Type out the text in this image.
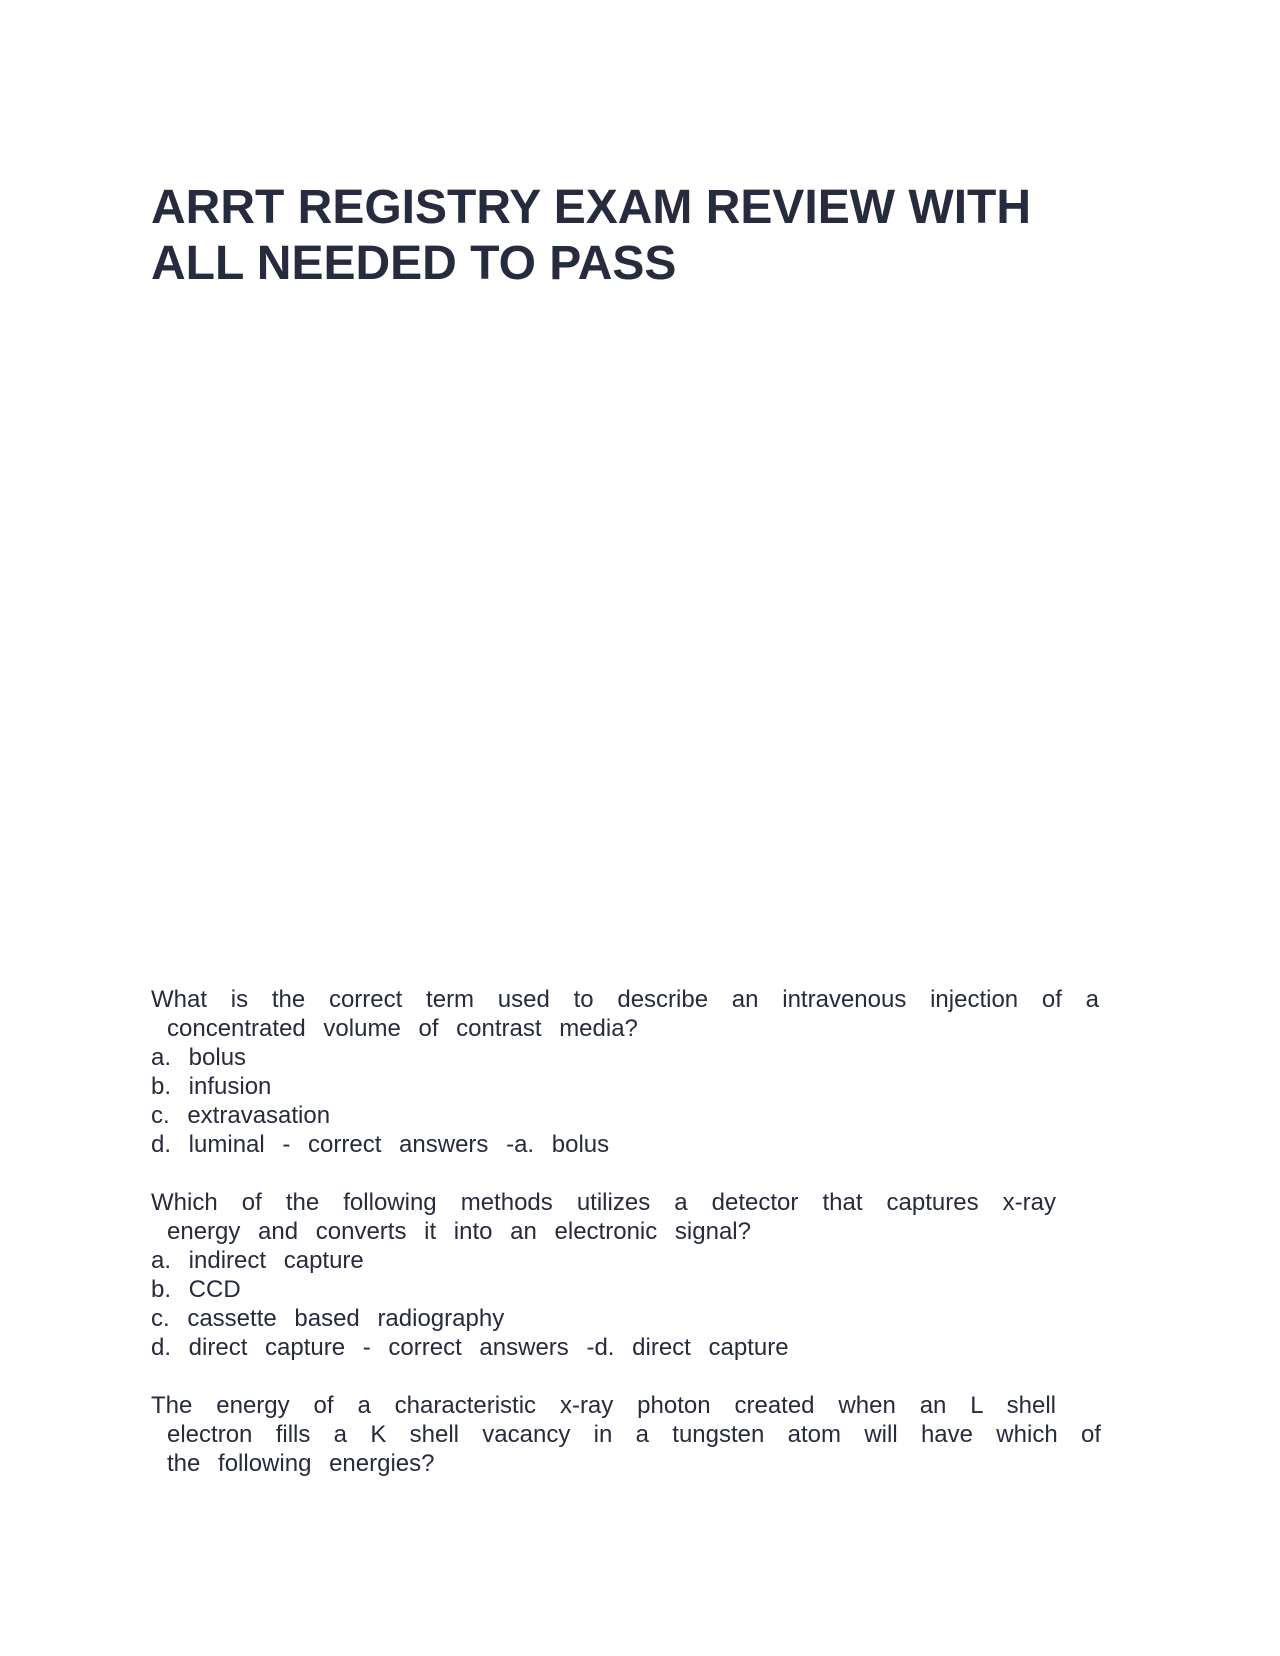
ARRT REGISTRY EXAM REVIEW WITH
ALL NEEDED TO PASS
What is the correct term used to describe an intravenous injection of a
concentrated volume of contrast media?
a. bolus
b. infusion
c. extravasation
d. luminal - correct answers -a. bolus
Which of the following methods utilizes a detector that captures x-ray
energy and converts it into an electronic signal?
a. indirect capture
b. CCD
c. cassette based radiography
d. direct capture - correct answers -d. direct capture
The energy of a characteristic x-ray photon created when an L shell
electron fills a K shell vacancy in a tungsten atom will have which of
the following energies?
